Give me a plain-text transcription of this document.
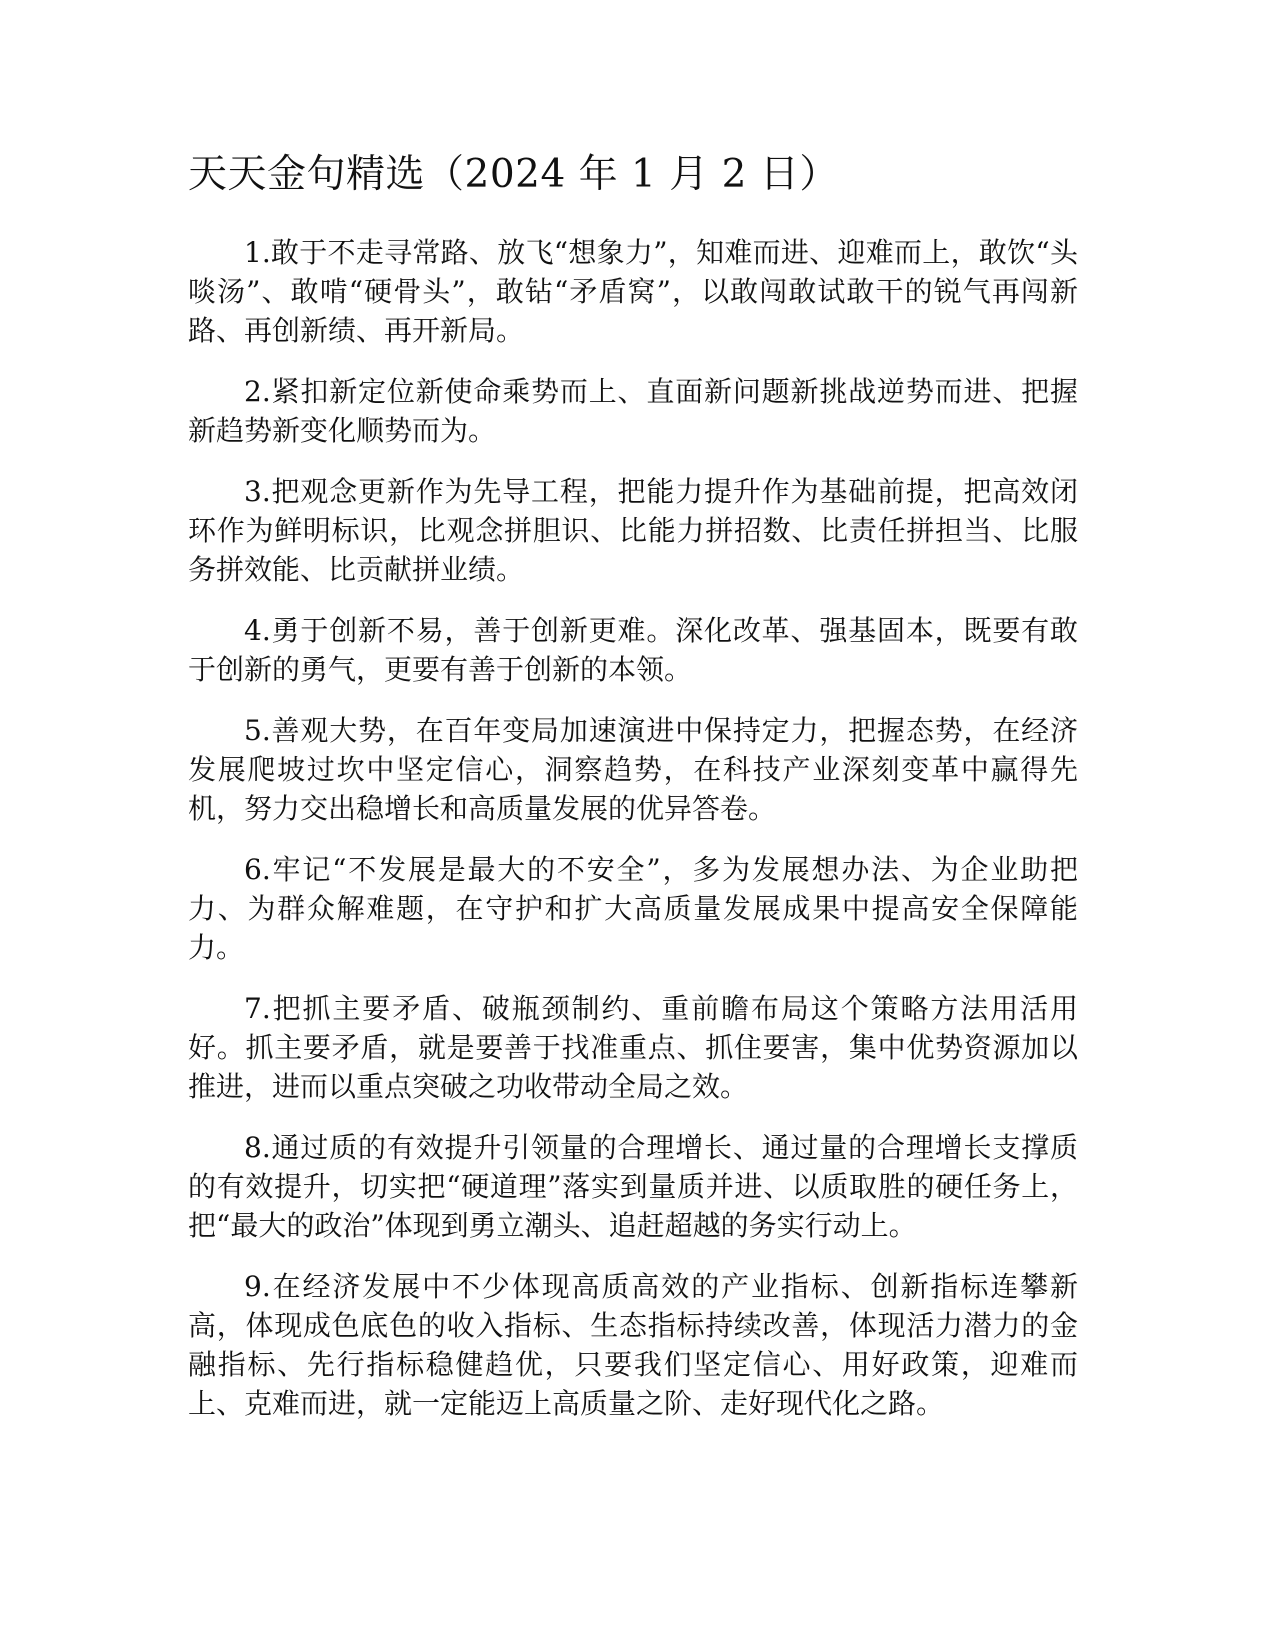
天天金句精选（2024 年 1 月 2 日）

1.敢于不走寻常路、放飞“想象力”，知难而进、迎难而上，敢饮“头啖汤”、敢啃“硬骨头”，敢钻“矛盾窝”，以敢闯敢试敢干的锐气再闯新路、再创新绩、再开新局。

2.紧扣新定位新使命乘势而上、直面新问题新挑战逆势而进、把握新趋势新变化顺势而为。

3.把观念更新作为先导工程，把能力提升作为基础前提，把高效闭环作为鲜明标识，比观念拼胆识、比能力拼招数、比责任拼担当、比服务拼效能、比贡献拼业绩。

4.勇于创新不易，善于创新更难。深化改革、强基固本，既要有敢于创新的勇气，更要有善于创新的本领。

5.善观大势，在百年变局加速演进中保持定力，把握态势，在经济发展爬坡过坎中坚定信心，洞察趋势，在科技产业深刻变革中赢得先机，努力交出稳增长和高质量发展的优异答卷。

6.牢记“不发展是最大的不安全”，多为发展想办法、为企业助把力、为群众解难题，在守护和扩大高质量发展成果中提高安全保障能力。

7.把抓主要矛盾、破瓶颈制约、重前瞻布局这个策略方法用活用好。抓主要矛盾，就是要善于找准重点、抓住要害，集中优势资源加以推进，进而以重点突破之功收带动全局之效。

8.通过质的有效提升引领量的合理增长、通过量的合理增长支撑质的有效提升，切实把“硬道理”落实到量质并进、以质取胜的硬任务上，把“最大的政治”体现到勇立潮头、追赶超越的务实行动上。

9.在经济发展中不少体现高质高效的产业指标、创新指标连攀新高，体现成色底色的收入指标、生态指标持续改善，体现活力潜力的金融指标、先行指标稳健趋优，只要我们坚定信心、用好政策，迎难而上、克难而进，就一定能迈上高质量之阶、走好现代化之路。
